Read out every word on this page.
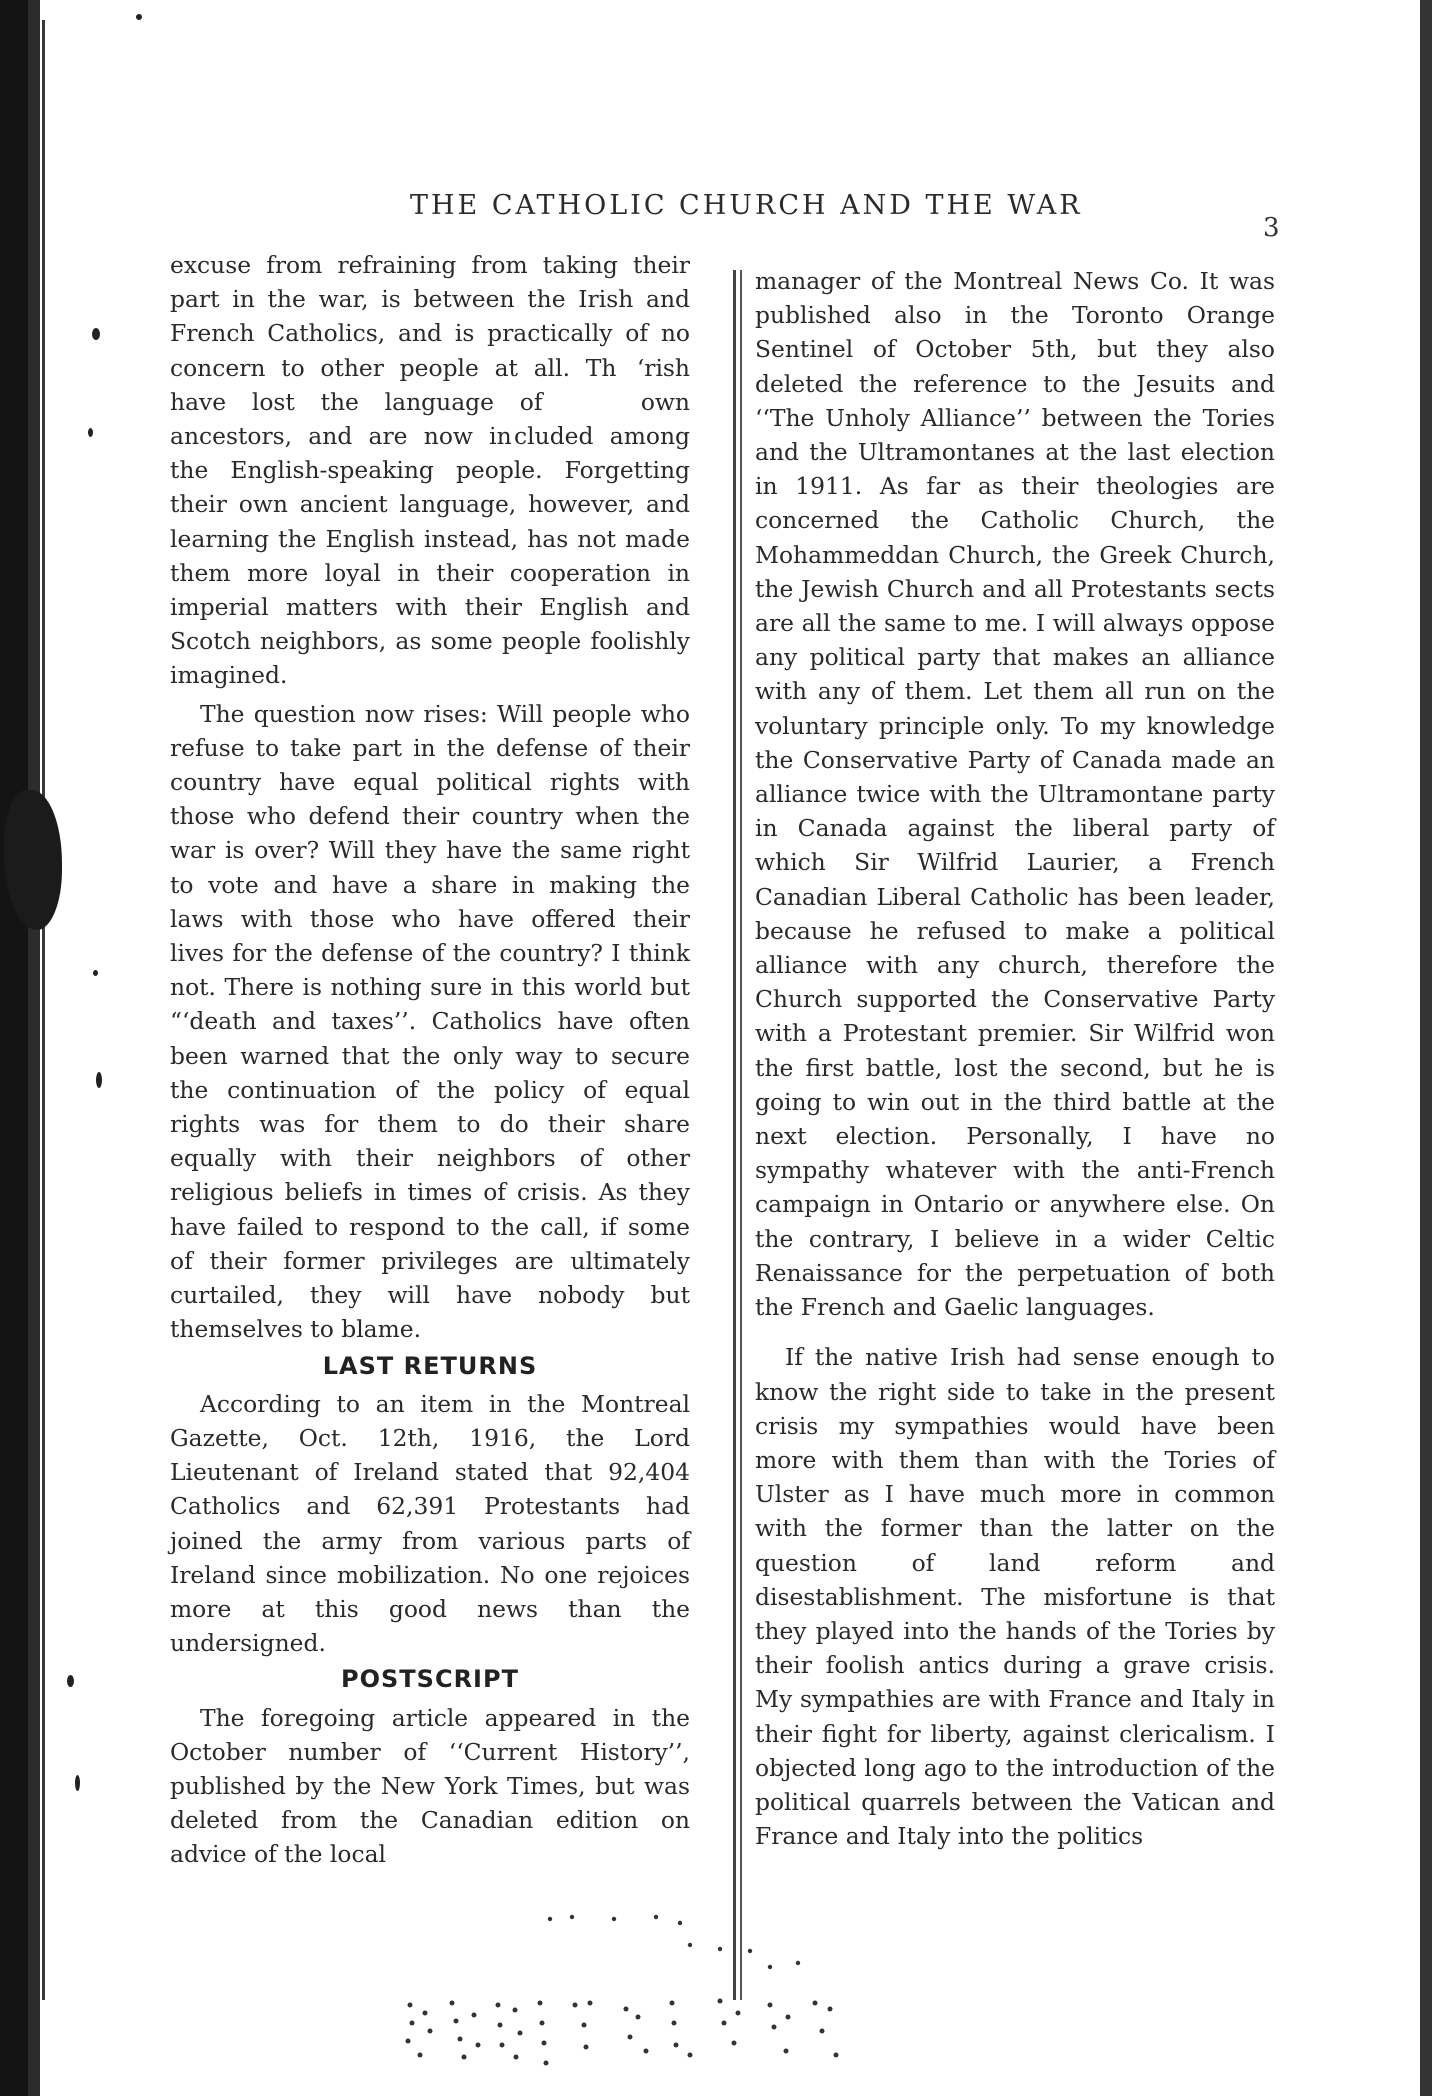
THE CATHOLIC CHURCH AND THE WAR
3

excuse from refraining from taking their part in the war, is between the Irish and French Catholics, and is practically of no concern to other people at all. Th  ‘rish have lost the language of    own ancestors, and are now in cluded among the English-speaking people. Forgetting their own ancient language, however, and learning the English instead, has not made them more loyal in their cooperation in imperial matters with their English and Scotch neighbors, as some people foolishly imagined.

The question now rises: Will people who refuse to take part in the defense of their country have equal political rights with those who defend their country when the war is over? Will they have the same right to vote and have a share in making the laws with those who have offered their lives for the defense of the country? I think not. There is nothing sure in this world but “‘death and taxes’’. Catholics have often been warned that the only way to secure the continuation of the policy of equal rights was for them to do their share equally with their neighbors of other religious beliefs in times of crisis. As they have failed to respond to the call, if some of their former privileges are ultimately curtailed, they will have nobody but themselves to blame.

LAST RETURNS

According to an item in the Montreal Gazette, Oct. 12th, 1916, the Lord Lieutenant of Ireland stated that 92,404 Catholics and 62,391 Protestants had joined the army from various parts of Ireland since mobilization. No one rejoices more at this good news than the undersigned.

POSTSCRIPT

The foregoing article appeared in the October number of ‘‘Current History’’, published by the New York Times, but was deleted from the Canadian edition on advice of the local

manager of the Montreal News Co. It was published also in the Toronto Orange Sentinel of October 5th, but they also deleted the reference to the Jesuits and ‘‘The Unholy Alliance’’ between the Tories and the Ultramontanes at the last election in 1911. As far as their theologies are concerned the Catholic Church, the Mohammeddan Church, the Greek Church, the Jewish Church and all Protestants sects are all the same to me. I will always oppose any political party that makes an alliance with any of them. Let them all run on the voluntary principle only. To my knowledge the Conservative Party of Canada made an alliance twice with the Ultramontane party in Canada against the liberal party of which Sir Wilfrid Laurier, a French Canadian Liberal Catholic has been leader, because he refused to make a political alliance with any church, therefore the Church supported the Conservative Party with a Protestant premier. Sir Wilfrid won the first battle, lost the second, but he is going to win out in the third battle at the next election. Personally, I have no sympathy whatever with the anti-French campaign in Ontario or anywhere else. On the contrary, I believe in a wider Celtic Renaissance for the perpetuation of both the French and Gaelic languages.

If the native Irish had sense enough to know the right side to take in the present crisis my sympathies would have been more with them than with the Tories of Ulster as I have much more in common with the former than the latter on the question of land reform and disestablishment. The misfortune is that they played into the hands of the Tories by their foolish antics during a grave crisis. My sympathies are with France and Italy in their fight for liberty, against clericalism. I objected long ago to the introduction of the political quarrels between the Vatican and France and Italy into the politics
